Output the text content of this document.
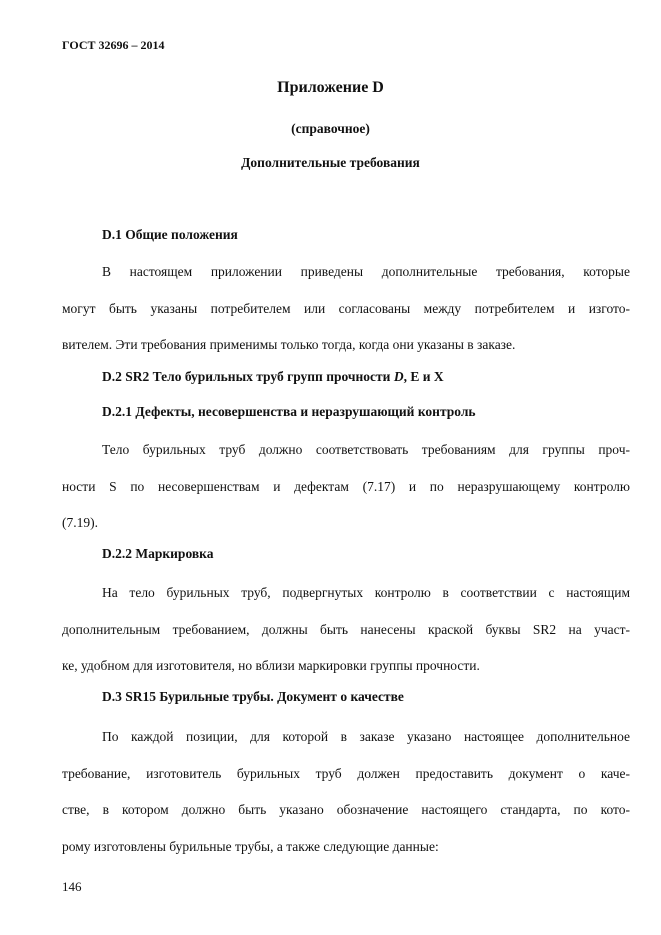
ГОСТ 32696 – 2014

Приложение D

(справочное)

Дополнительные требования

D.1 Общие положения

В настоящем приложении приведены дополнительные требования, которые
могут быть указаны потребителем или согласованы между потребителем и изгото-
вителем. Эти требования применимы только тогда, когда они указаны в заказе.

D.2 SR2 Тело бурильных труб групп прочности D, E и X

D.2.1 Дефекты, несовершенства и неразрушающий контроль

Тело бурильных труб должно соответствовать требованиям для группы проч-
ности S по несовершенствам и дефектам (7.17) и по неразрушающему контролю
(7.19).

D.2.2 Маркировка

На тело бурильных труб, подвергнутых контролю в соответствии с настоящим
дополнительным требованием, должны быть нанесены краской буквы SR2 на участ-
ке, удобном для изготовителя, но вблизи маркировки группы прочности.

D.3 SR15 Бурильные трубы. Документ о качестве

По каждой позиции, для которой в заказе указано настоящее дополнительное
требование, изготовитель бурильных труб должен предоставить документ о каче-
стве, в котором должно быть указано обозначение настоящего стандарта, по кото-
рому изготовлены бурильные трубы, а также следующие данные:

146
